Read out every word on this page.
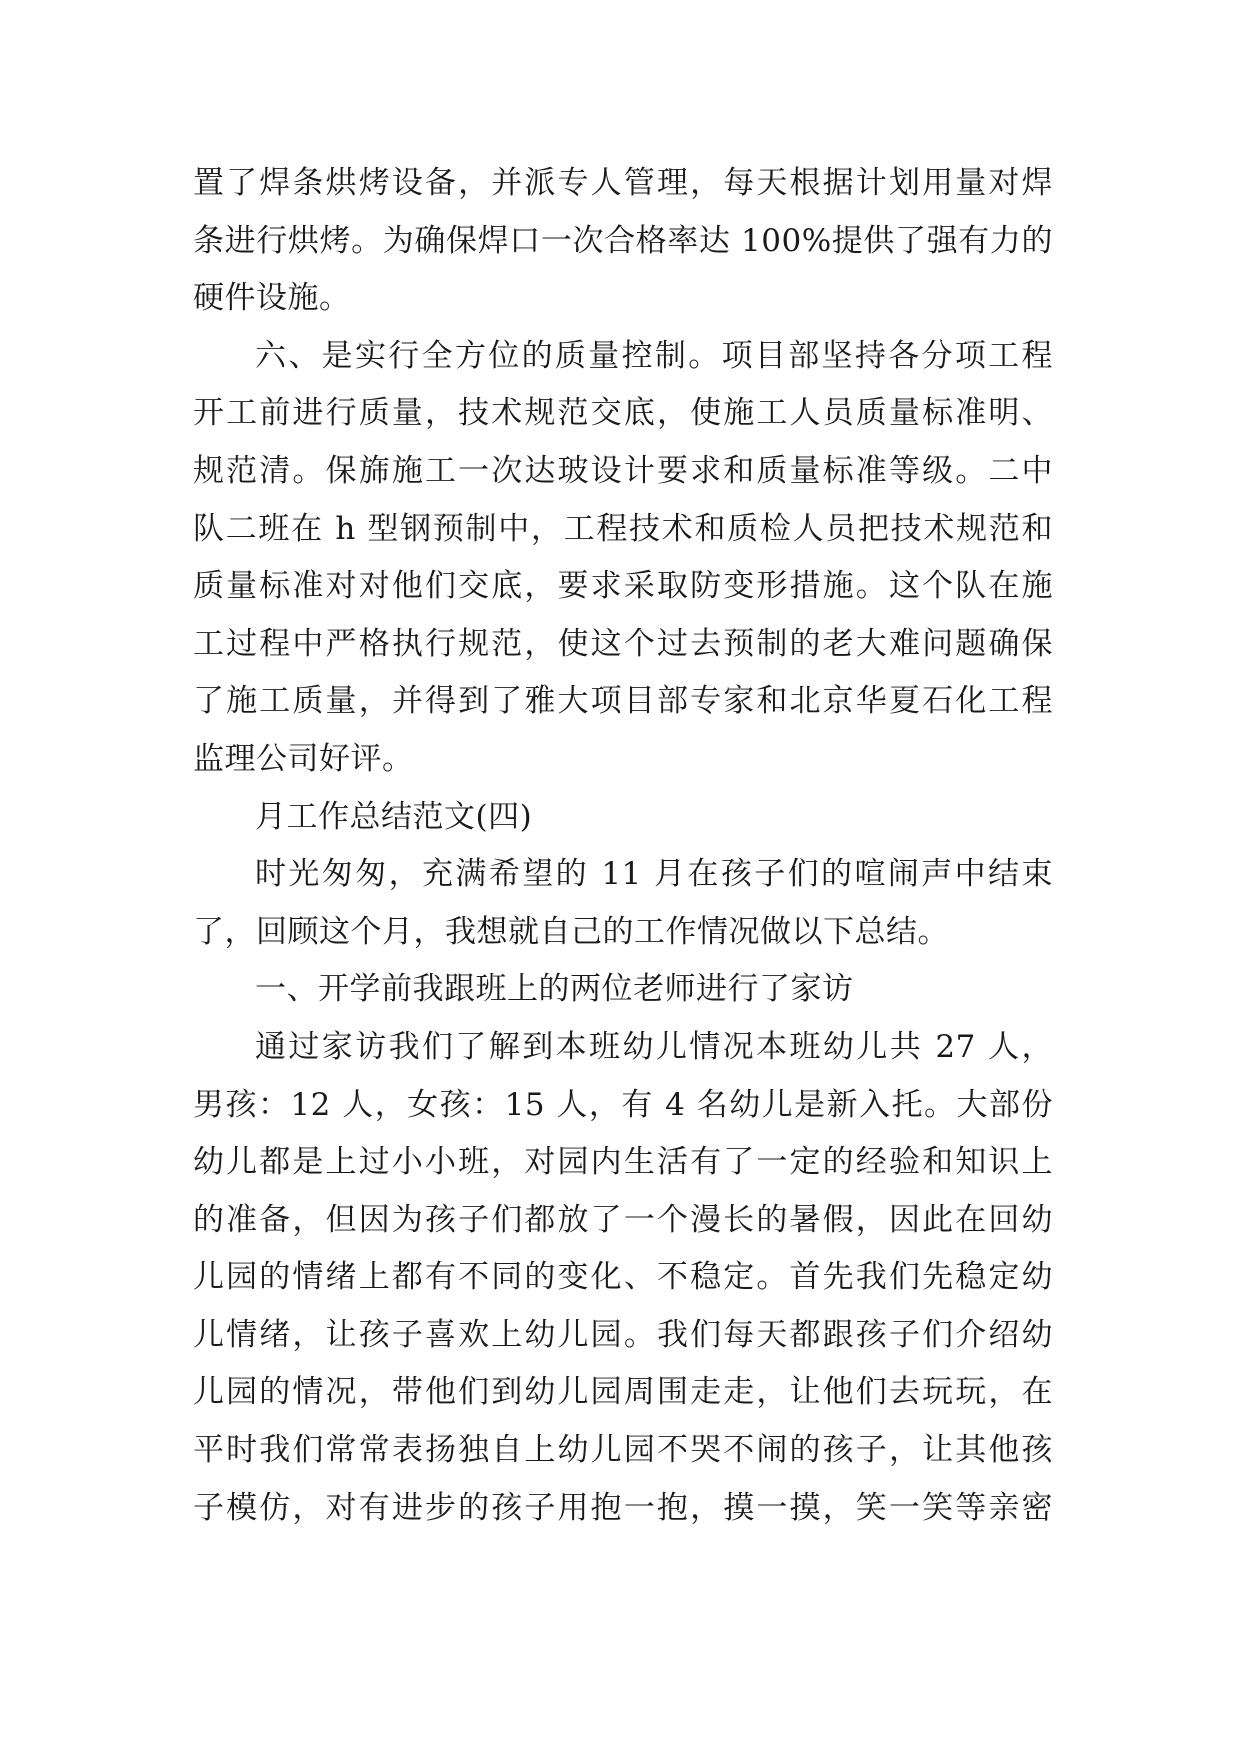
置了焊条烘烤设备，并派专人管理，每天根据计划用量对焊
条进行烘烤。为确保焊口一次合格率达 100%提供了强有力的
硬件设施。
六、是实行全方位的质量控制。项目部坚持各分项工程
开工前进行质量，技术规范交底，使施工人员质量标准明、
规范清。保旆施工一次达玻设计要求和质量标准等级。二中
队二班在 h 型钢预制中，工程技术和质检人员把技术规范和
质量标准对对他们交底，要求采取防变形措施。这个队在施
工过程中严格执行规范，使这个过去预制的老大难问题确保
了施工质量，并得到了雅大项目部专家和北京华夏石化工程
监理公司好评。
月工作总结范文(四)
时光匆匆，充满希望的 11 月在孩子们的喧闹声中结束
了，回顾这个月，我想就自己的工作情况做以下总结。
一、开学前我跟班上的两位老师进行了家访
通过家访我们了解到本班幼儿情况本班幼儿共 27 人，
男孩：12 人，女孩：15 人，有 4 名幼儿是新入托。大部份
幼儿都是上过小小班，对园内生活有了一定的经验和知识上
的准备，但因为孩子们都放了一个漫长的暑假，因此在回幼
儿园的情绪上都有不同的变化、不稳定。首先我们先稳定幼
儿情绪，让孩子喜欢上幼儿园。我们每天都跟孩子们介绍幼
儿园的情况，带他们到幼儿园周围走走，让他们去玩玩，在
平时我们常常表扬独自上幼儿园不哭不闹的孩子，让其他孩
子模仿，对有进步的孩子用抱一抱，摸一摸，笑一笑等亲密
